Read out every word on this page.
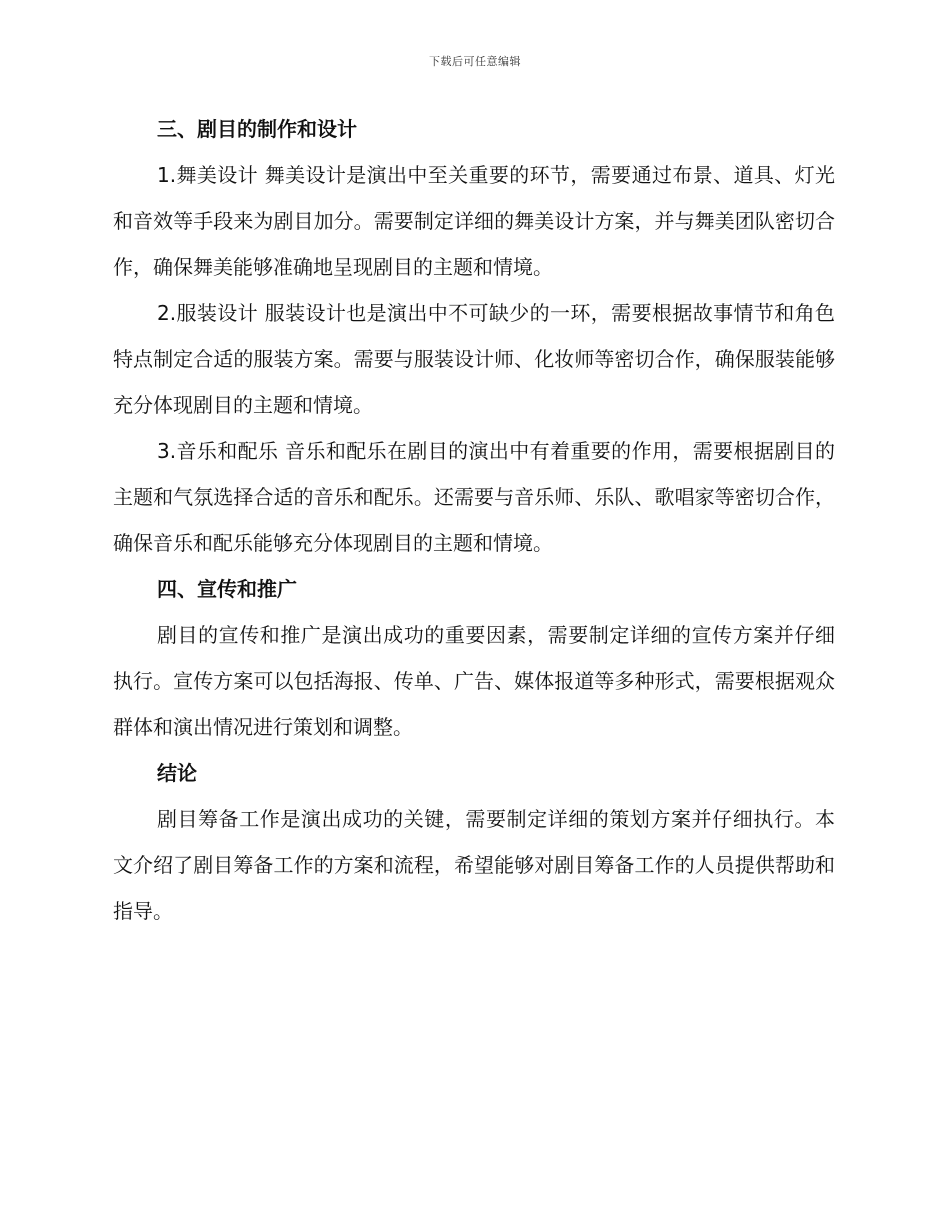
下载后可任意编辑
三、剧目的制作和设计

1.舞美设计 舞美设计是演出中至关重要的环节，需要通过布景、道具、灯光和音效等手段来为剧目加分。需要制定详细的舞美设计方案，并与舞美团队密切合作，确保舞美能够准确地呈现剧目的主题和情境。

2.服装设计 服装设计也是演出中不可缺少的一环，需要根据故事情节和角色特点制定合适的服装方案。需要与服装设计师、化妆师等密切合作，确保服装能够充分体现剧目的主题和情境。

3.音乐和配乐 音乐和配乐在剧目的演出中有着重要的作用，需要根据剧目的主题和气氛选择合适的音乐和配乐。还需要与音乐师、乐队、歌唱家等密切合作，确保音乐和配乐能够充分体现剧目的主题和情境。

四、宣传和推广

剧目的宣传和推广是演出成功的重要因素，需要制定详细的宣传方案并仔细执行。宣传方案可以包括海报、传单、广告、媒体报道等多种形式，需要根据观众群体和演出情况进行策划和调整。

结论

剧目筹备工作是演出成功的关键，需要制定详细的策划方案并仔细执行。本文介绍了剧目筹备工作的方案和流程，希望能够对剧目筹备工作的人员提供帮助和指导。
